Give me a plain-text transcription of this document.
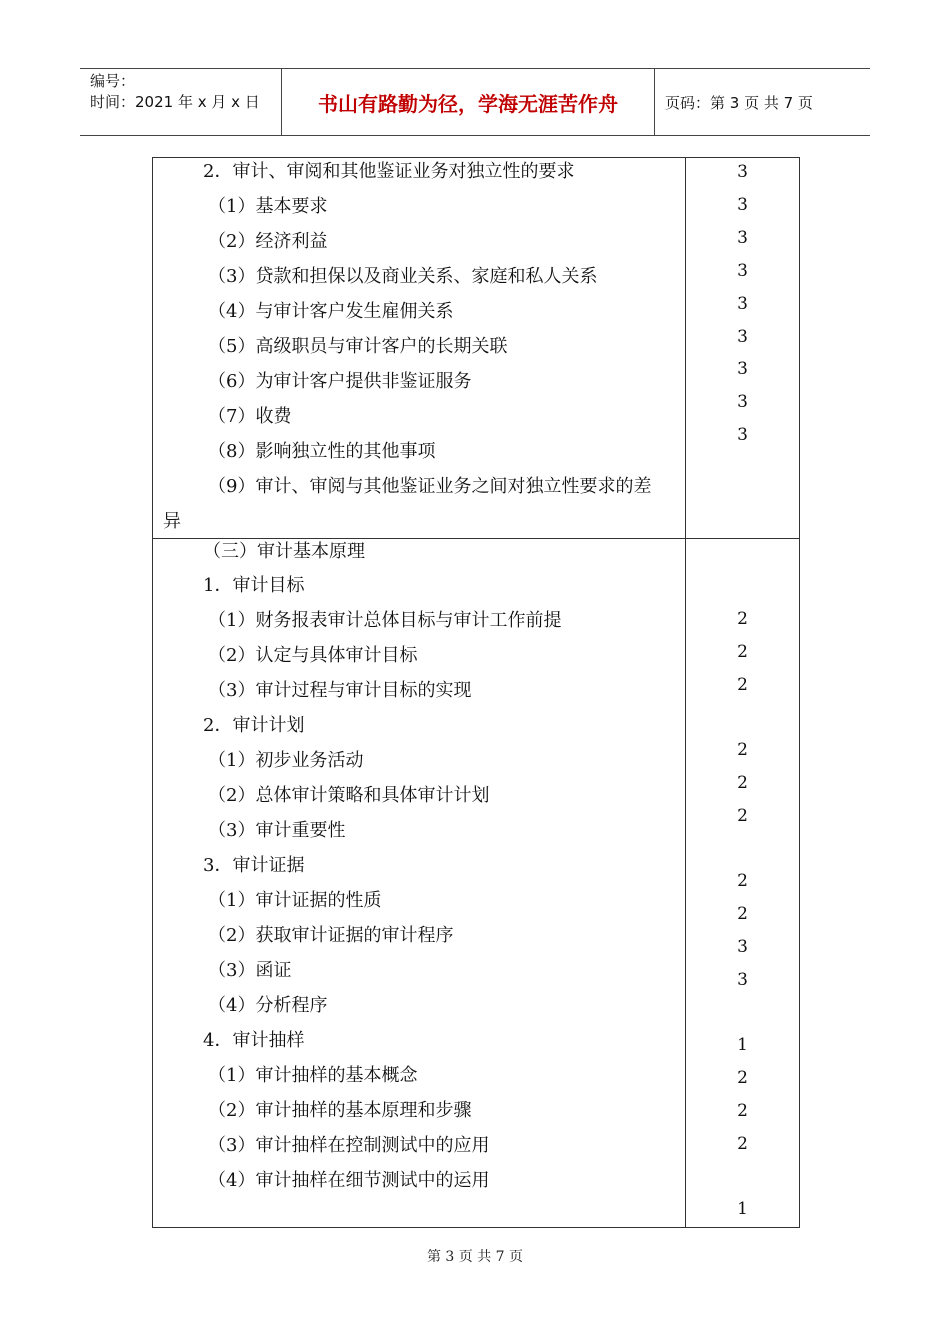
编号：
时间：2021 年 x 月 x 日	书山有路勤为径，学海无涯苦作舟	页码：第 3 页 共 7 页
2．审计、审阅和其他鉴证业务对独立性的要求
（1）基本要求
（2）经济利益
（3）贷款和担保以及商业关系、家庭和私人关系
（4）与审计客户发生雇佣关系
（5）高级职员与审计客户的长期关联
（6）为审计客户提供非鉴证服务
（7）收费
（8）影响独立性的其他事项
（9）审计、审阅与其他鉴证业务之间对独立性要求的差
异
3
3
3
3
3
3
3
3
3
（三）审计基本原理
1．审计目标
（1）财务报表审计总体目标与审计工作前提
（2）认定与具体审计目标
（3）审计过程与审计目标的实现
2．审计计划
（1）初步业务活动
（2）总体审计策略和具体审计计划
（3）审计重要性
3．审计证据
（1）审计证据的性质
（2）获取审计证据的审计程序
（3）函证
（4）分析程序
4．审计抽样
（1）审计抽样的基本概念
（2）审计抽样的基本原理和步骤
（3）审计抽样在控制测试中的应用
（4）审计抽样在细节测试中的运用
2
2
2
2
2
2
2
2
3
3
1
2
2
2
1
第 3 页 共 7 页
